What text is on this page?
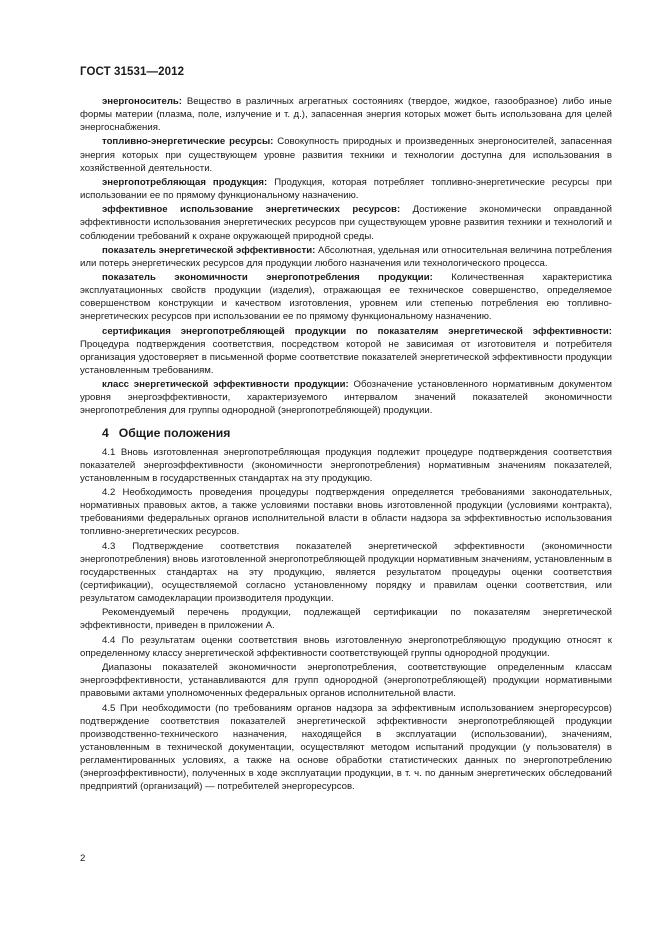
ГОСТ 31531—2012

энергоноситель: Вещество в различных агрегатных состояниях (твердое, жидкое, газообразное) либо иные формы материи (плазма, поле, излучение и т. д.), запасенная энергия которых может быть использована для целей энергоснабжения.

топливно-энергетические ресурсы: Совокупность природных и произведенных энергоносителей, запасенная энергия которых при существующем уровне развития техники и технологии доступна для использования в хозяйственной деятельности.

энергопотребляющая продукция: Продукция, которая потребляет топливно-энергетические ресурсы при использовании ее по прямому функциональному назначению.

эффективное использование энергетических ресурсов: Достижение экономически оправданной эффективности использования энергетических ресурсов при существующем уровне развития техники и технологий и соблюдении требований к охране окружающей природной среды.

показатель энергетической эффективности: Абсолютная, удельная или относительная величина потребления или потерь энергетических ресурсов для продукции любого назначения или технологического процесса.

показатель экономичности энергопотребления продукции: Количественная характеристика эксплуатационных свойств продукции (изделия), отражающая ее техническое совершенство, определяемое совершенством конструкции и качеством изготовления, уровнем или степенью потребления ею топливно-энергетических ресурсов при использовании ее по прямому функциональному назначению.

сертификация энергопотребляющей продукции по показателям энергетической эффективности: Процедура подтверждения соответствия, посредством которой не зависимая от изготовителя и потребителя организация удостоверяет в письменной форме соответствие показателей энергетической эффективности продукции установленным требованиям.

класс энергетической эффективности продукции: Обозначение установленного нормативным документом уровня энергоэффективности, характеризуемого интервалом значений показателей экономичности энергопотребления для группы однородной (энергопотребляющей) продукции.

4 Общие положения

4.1 Вновь изготовленная энергопотребляющая продукция подлежит процедуре подтверждения соответствия показателей энергоэффективности (экономичности энергопотребления) нормативным значениям показателей, установленным в государственных стандартах на эту продукцию.

4.2 Необходимость проведения процедуры подтверждения определяется требованиями законодательных, нормативных правовых актов, а также условиями поставки вновь изготовленной продукции (условиями контракта), требованиями федеральных органов исполнительной власти в области надзора за эффективностью использования топливно-энергетических ресурсов.

4.3 Подтверждение соответствия показателей энергетической эффективности (экономичности энергопотребления) вновь изготовленной энергопотребляющей продукции нормативным значениям, установленным в государственных стандартах на эту продукцию, является результатом процедуры оценки соответствия (сертификации), осуществляемой согласно установленному порядку и правилам оценки соответствия, или результатом самодекларации производителя продукции.

Рекомендуемый перечень продукции, подлежащей сертификации по показателям энергетической эффективности, приведен в приложении А.

4.4 По результатам оценки соответствия вновь изготовленную энергопотребляющую продукцию относят к определенному классу энергетической эффективности соответствующей группы однородной продукции.

Диапазоны показателей экономичности энергопотребления, соответствующие определенным классам энергоэффективности, устанавливаются для групп однородной (энергопотребляющей) продукции нормативными правовыми актами уполномоченных федеральных органов исполнительной власти.

4.5 При необходимости (по требованиям органов надзора за эффективным использованием энергоресурсов) подтверждение соответствия показателей энергетической эффективности энергопотребляющей продукции производственно-технического назначения, находящейся в эксплуатации (использовании), значениям, установленным в технической документации, осуществляют методом испытаний продукции (у пользователя) в регламентированных условиях, а также на основе обработки статистических данных по энергопотреблению (энергоэффективности), полученных в ходе эксплуатации продукции, в т. ч. по данным энергетических обследований предприятий (организаций) — потребителей энергоресурсов.

2
